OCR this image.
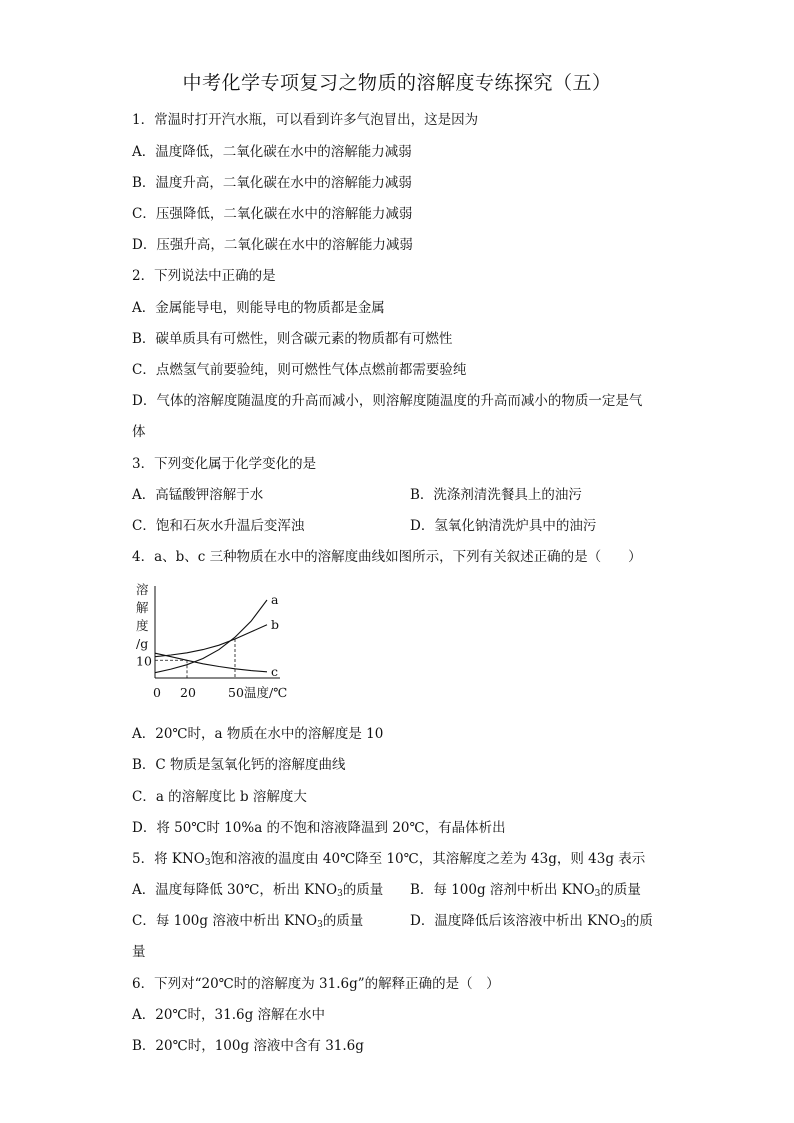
中考化学专项复习之物质的溶解度专练探究（五）
1．常温时打开汽水瓶，可以看到许多气泡冒出，这是因为
A．温度降低，二氧化碳在水中的溶解能力减弱
B．温度升高，二氧化碳在水中的溶解能力减弱
C．压强降低，二氧化碳在水中的溶解能力减弱
D．压强升高，二氧化碳在水中的溶解能力减弱
2．下列说法中正确的是
A．金属能导电，则能导电的物质都是金属
B．碳单质具有可燃性，则含碳元素的物质都有可燃性
C．点燃氢气前要验纯，则可燃性气体点燃前都需要验纯
D．气体的溶解度随温度的升高而减小，则溶解度随温度的升高而减小的物质一定是气
体
3．下列变化属于化学变化的是
A．高锰酸钾溶解于水	B．洗涤剂清洗餐具上的油污
C．饱和石灰水升温后变浑浊	D．氢氧化钠清洗炉具中的油污
4．a、b、c 三种物质在水中的溶解度曲线如图所示，下列有关叙述正确的是（　　）
溶
解
度
/g
a
b
c
0 20	50 温度/℃
10
A．20℃时，a 物质在水中的溶解度是 10
B．C 物质是氢氧化钙的溶解度曲线
C．a 的溶解度比 b 溶解度大
D．将 50℃时 10%a 的不饱和溶液降温到 20℃，有晶体析出
5．将 $KNO_3$饱和溶液的温度由 40℃降至 10℃，其溶解度之差为 43g，则 43g 表示
A．温度每降低 30℃，析出 $KNO_3$的质量 B．每 100g 溶剂中析出 $KNO_3$的质量
C．每 100g 溶液中析出 $KNO_3$的质量	D．温度降低后该溶液中析出 $KNO_3$的质
量
6．下列对“20℃时的溶解度为 31.6g”的解释正确的是（　）
A．20℃时，31.6g 溶解在水中
B．20℃时，100g 溶液中含有 31.6g
